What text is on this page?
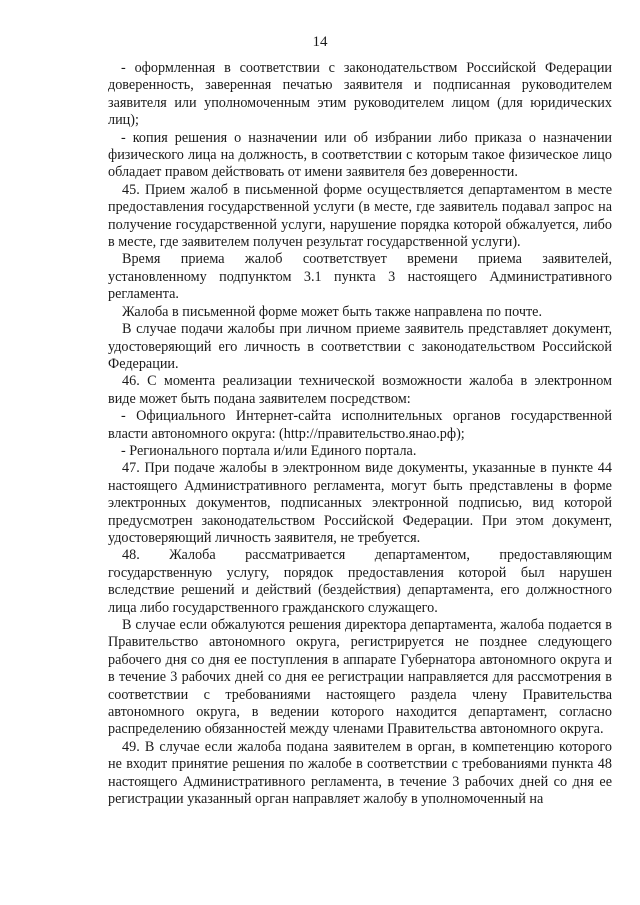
14

- оформленная в соответствии с законодательством Российской Федерации доверенность, заверенная печатью заявителя и подписанная руководителем заявителя или уполномоченным этим руководителем лицом (для юридических лиц);

- копия решения о назначении или об избрании либо приказа о назначении физического лица на должность, в соответствии с которым такое физическое лицо обладает правом действовать от имени заявителя без доверенности.

45. Прием жалоб в письменной форме осуществляется департаментом в месте предоставления государственной услуги (в месте, где заявитель подавал запрос на получение государственной услуги, нарушение порядка которой обжалуется, либо в месте, где заявителем получен результат государственной услуги).

Время приема жалоб соответствует времени приема заявителей, установленному подпунктом 3.1 пункта 3 настоящего Административного регламента.

Жалоба в письменной форме может быть также направлена по почте.

В случае подачи жалобы при личном приеме заявитель представляет документ, удостоверяющий его личность в соответствии с законодательством Российской Федерации.

46. С момента реализации технической возможности жалоба в электронном виде может быть подана заявителем посредством:

- Официального Интернет-сайта исполнительных органов государственной власти автономного округа: (http://правительство.янао.рф);

- Регионального портала и/или Единого портала.

47. При подаче жалобы в электронном виде документы, указанные в пункте 44 настоящего Административного регламента, могут быть представлены в форме электронных документов, подписанных электронной подписью, вид которой предусмотрен законодательством Российской Федерации. При этом документ, удостоверяющий личность заявителя, не требуется.

48. Жалоба рассматривается департаментом, предоставляющим государственную услугу, порядок предоставления которой был нарушен вследствие решений и действий (бездействия) департамента, его должностного лица либо государственного гражданского служащего.

В случае если обжалуются решения директора департамента, жалоба подается в Правительство автономного округа, регистрируется не позднее следующего рабочего дня со дня ее поступления в аппарате Губернатора автономного округа и в течение 3 рабочих дней со дня ее регистрации направляется для рассмотрения в соответствии с требованиями настоящего раздела члену Правительства автономного округа, в ведении которого находится департамент, согласно распределению обязанностей между членами Правительства автономного округа.

49. В случае если жалоба подана заявителем в орган, в компетенцию которого не входит принятие решения по жалобе в соответствии с требованиями пункта 48 настоящего Административного регламента, в течение 3 рабочих дней со дня ее регистрации указанный орган направляет жалобу в уполномоченный на
